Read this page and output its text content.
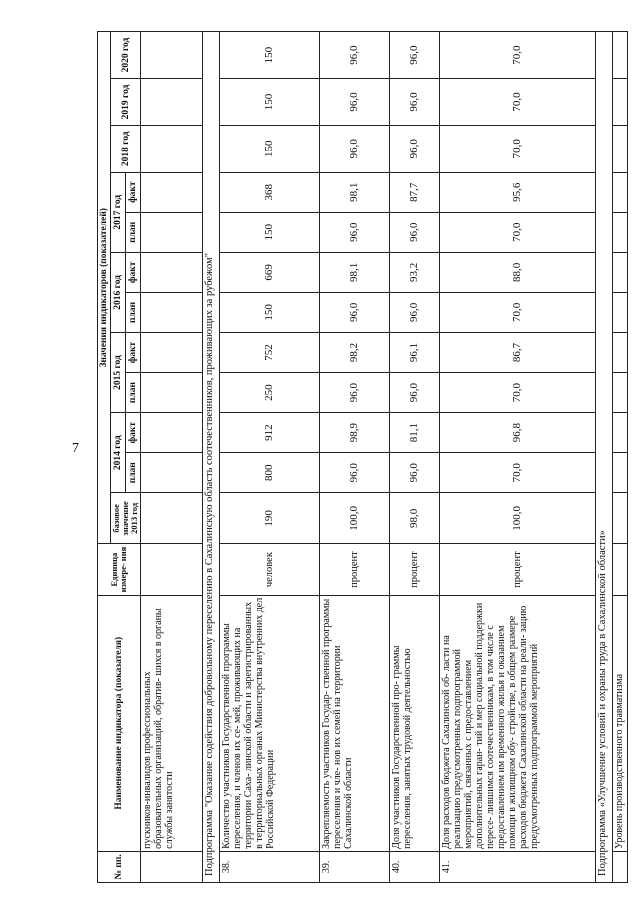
7
№ пп.	Наименование индикатора (показателя)	Единица измере- ния	Значения индикаторов (показателей)											
			базовое значение 2013 год	2014 год		2015 год		2016 год		2017 год		2018 год	2019 год	2020 год
				план	факт	план	факт	план	факт	план	факт			
	пускников-инвалидов профессиональных образовательных организаций, обратив- шихся в органы службы занятости													
Подпрограмма "Оказание содействия добровольному переселению в Сахалинскую область соотечественников, проживающих за рубежом"														
38.	Количество участников Государственной программы переселения, и членов их се- мей, проживающих на территории Саха- линской области и зарегистрированных в территориальных органах Министерства внутренних дел Российской Федерации	человек	190	800	912	250	752	150	669	150	368	150	150	150
39.	Закрепляемость участников Государ- ственной программы переселения и чле- нов их семей на территории Сахалинской области	процент	100,0	96,0	98,9	96,0	98,2	96,0	98,1	96,0	98,1	96,0	96,0	96,0
40.	Доля участников Государственной про- граммы переселения, занятых трудовой деятельностью	процент	98,0	96,0	81,1	96,0	96,1	96,0	93,2	96,0	87,7	96,0	96,0	96,0
41.	Доля расходов бюджета Сахалинской об- ласти на реализацию предусмотренных подпрограммой мероприятий, связанных с предоставлением дополнительных гаран- тий и мер социальной поддержки пересе- лившимся соотечественникам, в том числе с предоставлением им временного жилья и оказанием помощи в жилищном обу- стройстве, в общем размере расходов бюджета Сахалинской области на реали- зацию предусмотренных подпрограммой мероприятий	процент	100,0	70,0	96,8	70,0	86,7	70,0	88,0	70,0	95,6	70,0	70,0	70,0
Подпрограмма «Улучшение условий и охраны труда в Сахалинской области»														
	Уровень производственного травматизма													
